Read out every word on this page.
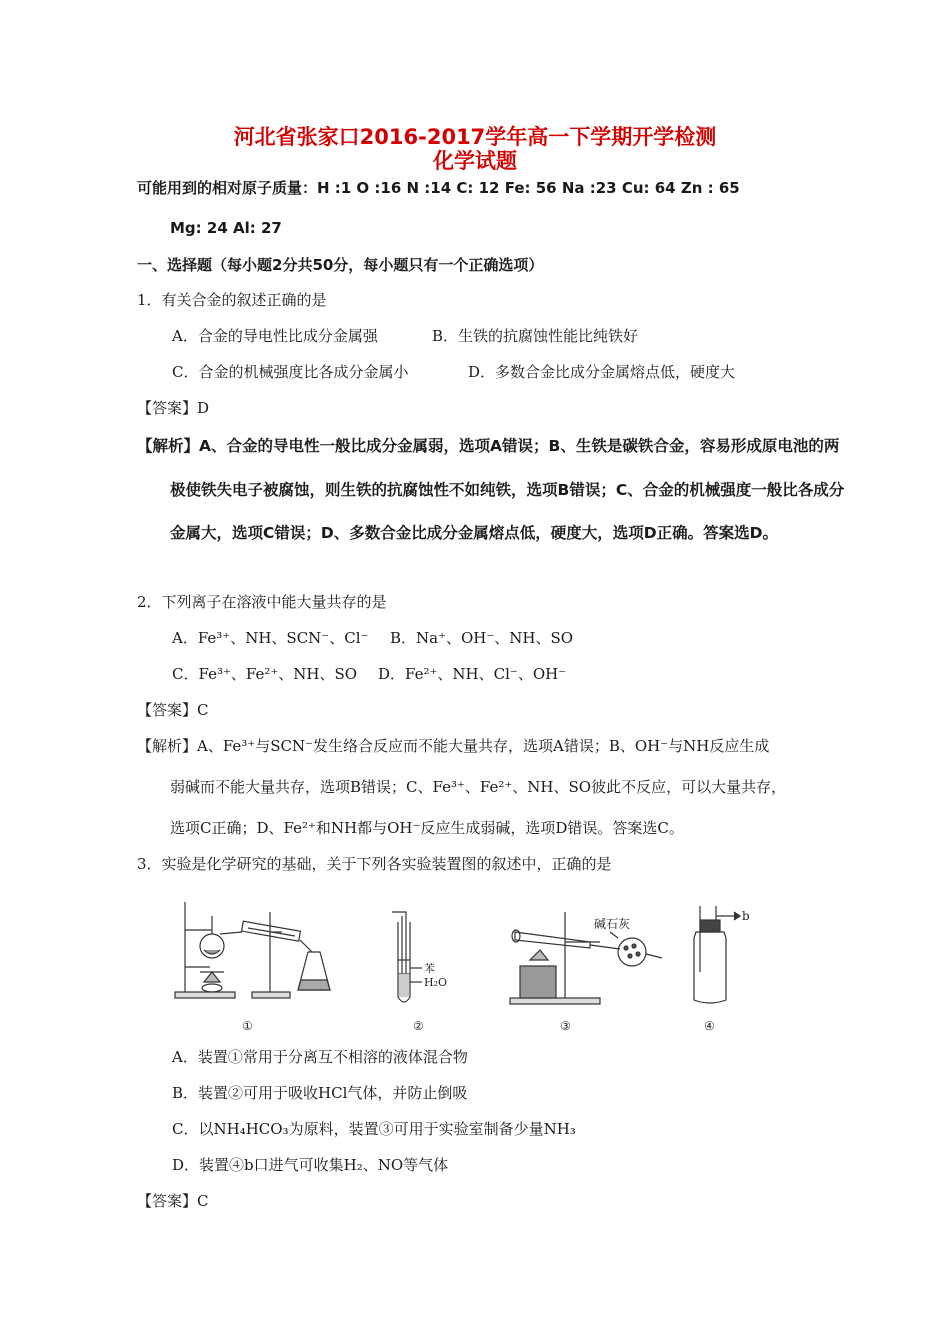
河北省张家口2016-2017学年高一下学期开学检测
化学试题
可能用到的相对原子质量：H :1 O :16 N :14 C: 12 Fe: 56 Na :23 Cu: 64 Zn : 65
Mg: 24 Al: 27
一、选择题（每小题2分共50分，每小题只有一个正确选项）
1．有关合金的叙述正确的是
A．合金的导电性比成分金属强	B．生铁的抗腐蚀性能比纯铁好
C．合金的机械强度比各成分金属小	D．多数合金比成分金属熔点低，硬度大
【答案】D
【解析】A、合金的导电性一般比成分金属弱，选项A错误；B、生铁是碳铁合金，容易形成原电池的两
极使铁失电子被腐蚀，则生铁的抗腐蚀性不如纯铁，选项B错误；C、合金的机械强度一般比各成分
金属大，选项C错误；D、多数合金比成分金属熔点低，硬度大，选项D正确。答案选D。
2．下列离子在溶液中能大量共存的是
A．Fe³⁺、NH、SCN⁻、Cl⁻ B．Na⁺、OH⁻、NH、SO
C．Fe³⁺、Fe²⁺、NH、SO D．Fe²⁺、NH、Cl⁻、OH⁻
【答案】C
【解析】A、Fe³⁺与SCN⁻发生络合反应而不能大量共存，选项A错误；B、OH⁻与NH反应生成
弱碱而不能大量共存，选项B错误；C、Fe³⁺、Fe²⁺、NH、SO彼此不反应，可以大量共存，
选项C正确；D、Fe²⁺和NH都与OH⁻反应生成弱碱，选项D错误。答案选C。
3．实验是化学研究的基础，关于下列各实验装置图的叙述中，正确的是
①
苯
H₂O
②
碱石灰
③
b
④
A．装置①常用于分离互不相溶的液体混合物
B．装置②可用于吸收HCl气体，并防止倒吸
C．以NH₄HCO₃为原料，装置③可用于实验室制备少量NH₃
D．装置④b口进气可收集H₂、NO等气体
【答案】C
